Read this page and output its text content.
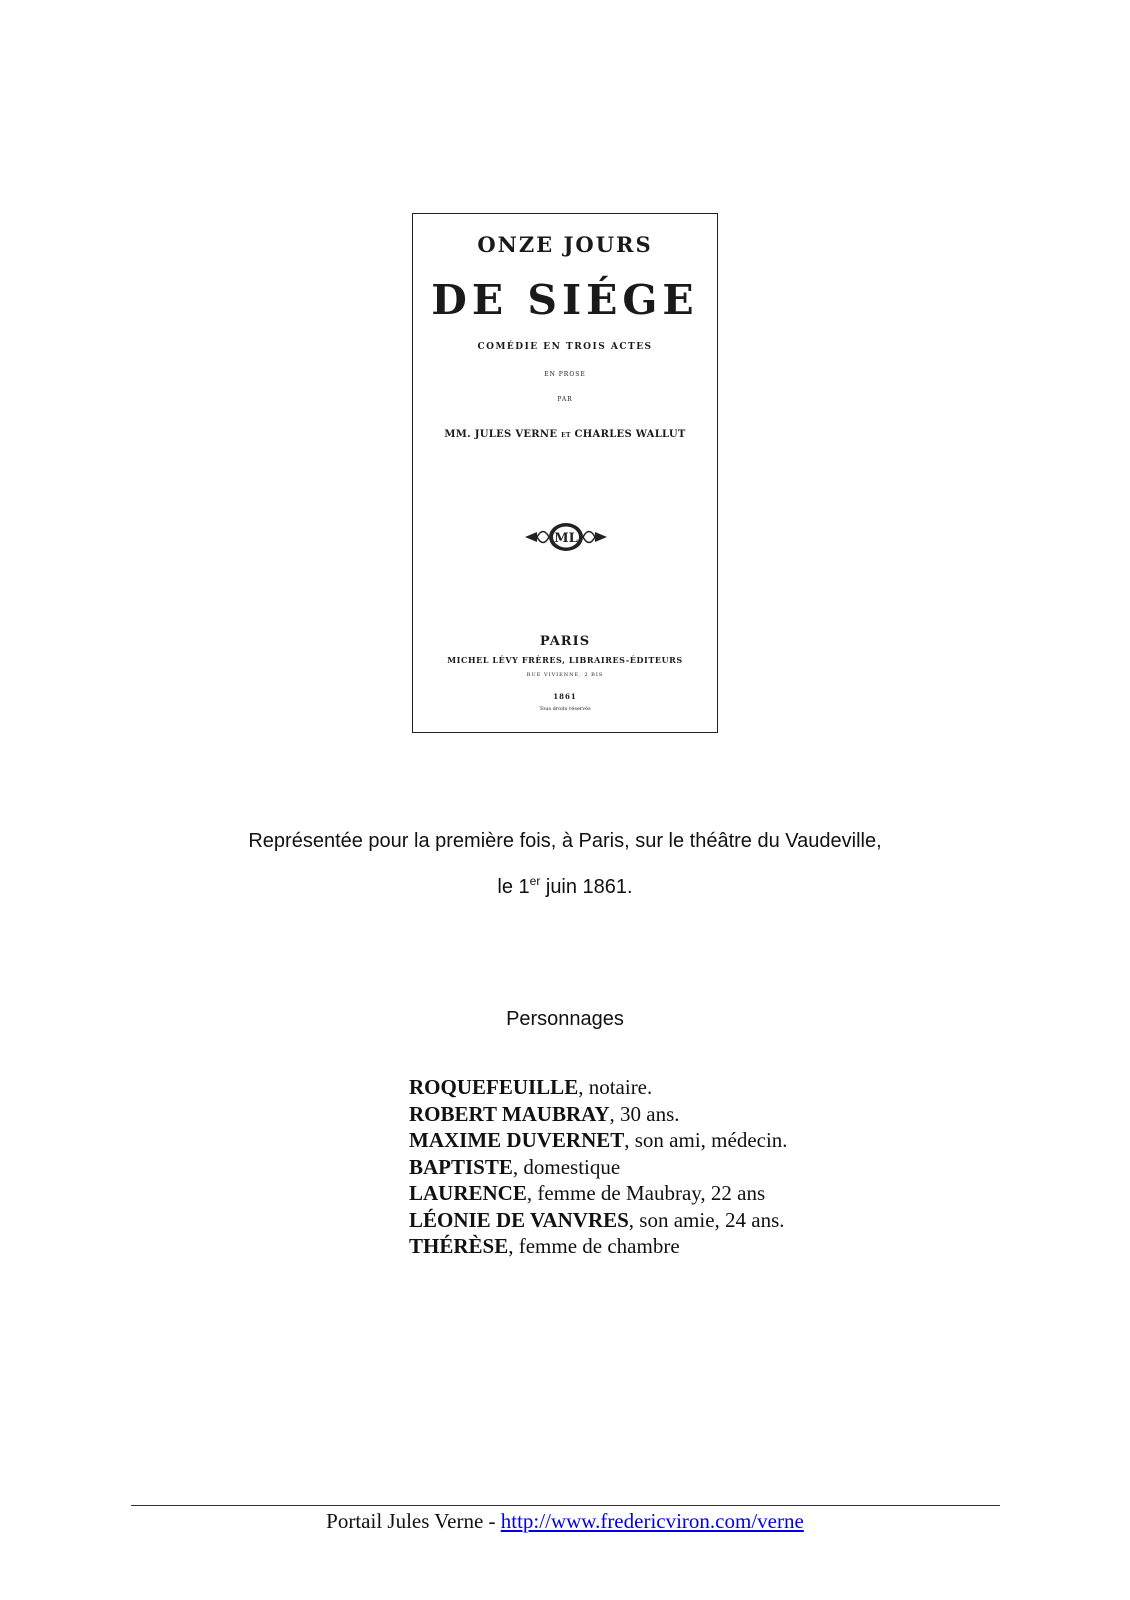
ONZE JOURS
DE SIÉGE
COMÉDIE EN TROIS ACTES
EN PROSE
PAR
MM. JULES VERNE ET CHARLES WALLUT
ML
PARIS
MICHEL LÉVY FRÈRES, LIBRAIRES-ÉDITEURS
RUE VIVIENNE, 2 BIS
1861
Tous droits réservés
Représentée pour la première fois, à Paris, sur le théâtre du Vaudeville,
le 1er juin 1861.
Personnages
ROQUEFEUILLE, notaire.
ROBERT MAUBRAY, 30 ans.
MAXIME DUVERNET, son ami, médecin.
BAPTISTE, domestique
LAURENCE, femme de Maubray, 22 ans
LÉONIE DE VANVRES, son amie, 24 ans.
THÉRÈSE, femme de chambre
Portail Jules Verne - http://www.fredericviron.com/verne
